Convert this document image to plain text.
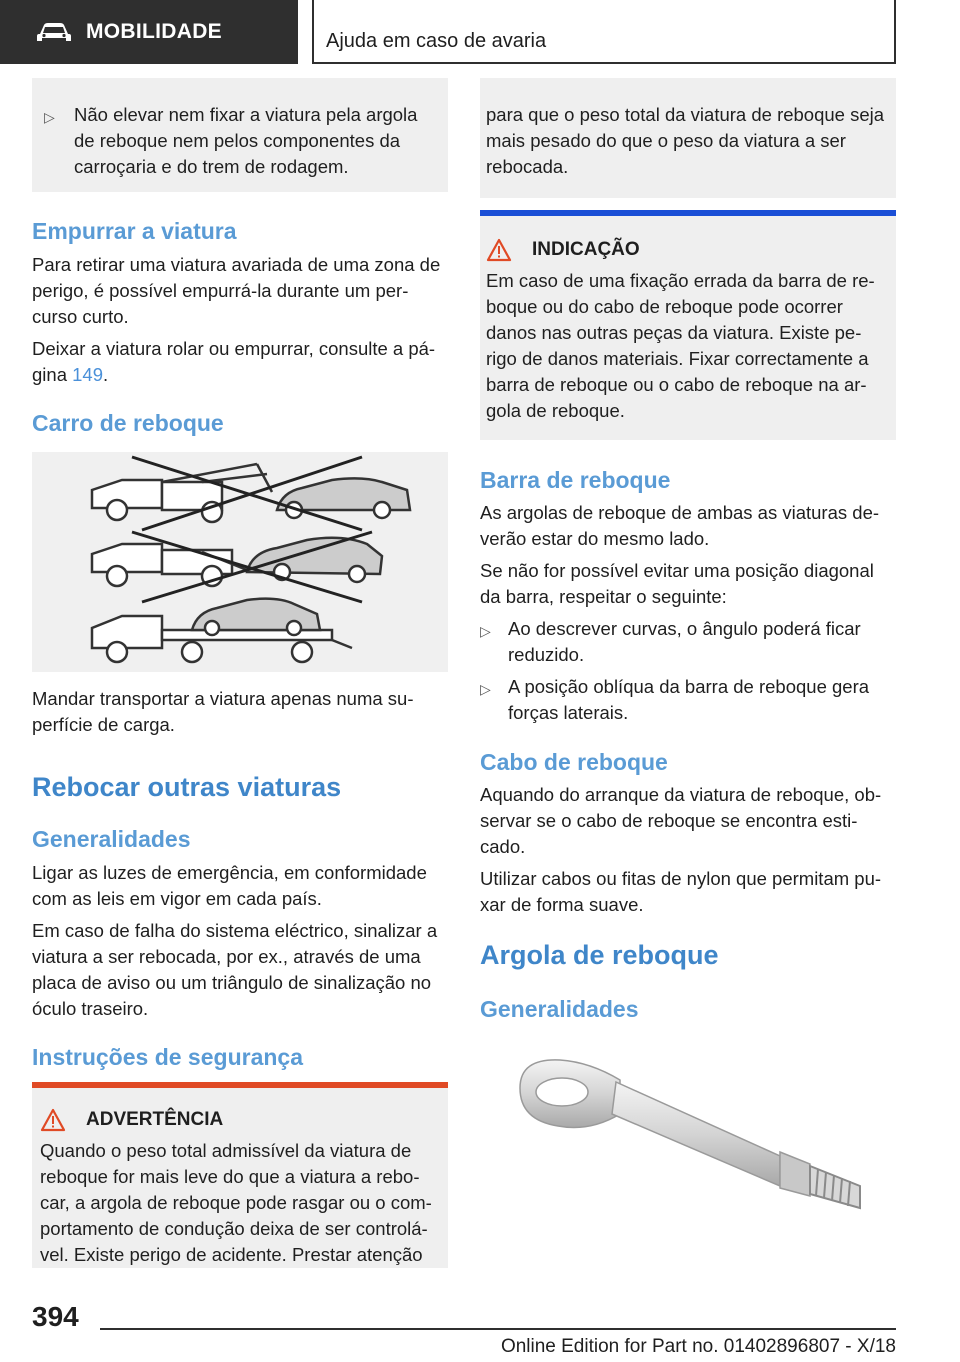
MOBILIDADE	Ajuda em caso de avaria
▷	Não elevar nem fixar a viatura pela argola de reboque nem pelos componentes da carroçaria e do trem de rodagem.
Empurrar a viatura
Para retirar uma viatura avariada de uma zona de perigo, é possível empurrá-la durante um per-curso curto.
Deixar a viatura rolar ou empurrar, consulte a pá-gina 149.
Carro de reboque
Mandar transportar a viatura apenas numa su-perfície de carga.
Rebocar outras viaturas
Generalidades
Ligar as luzes de emergência, em conformidade com as leis em vigor em cada país.
Em caso de falha do sistema eléctrico, sinalizar a viatura a ser rebocada, por ex., através de uma placa de aviso ou um triângulo de sinalização no óculo traseiro.
Instruções de segurança
ADVERTÊNCIA
Quando o peso total admissível da viatura de reboque for mais leve do que a viatura a rebo-car, a argola de reboque pode rasgar ou o com-portamento de condução deixa de ser controlá-vel. Existe perigo de acidente. Prestar atenção
para que o peso total da viatura de reboque seja mais pesado do que o peso da viatura a ser rebocada.
INDICAÇÃO
Em caso de uma fixação errada da barra de re-boque ou do cabo de reboque pode ocorrer danos nas outras peças da viatura. Existe pe-rigo de danos materiais. Fixar correctamente a barra de reboque ou o cabo de reboque na ar-gola de reboque.
Barra de reboque
As argolas de reboque de ambas as viaturas de-verão estar do mesmo lado.
Se não for possível evitar uma posição diagonal da barra, respeitar o seguinte:
▷ Ao descrever curvas, o ângulo poderá ficar reduzido.
▷ A posição oblíqua da barra de reboque gera forças laterais.
Cabo de reboque
Aquando do arranque da viatura de reboque, ob-servar se o cabo de reboque se encontra esti-cado.
Utilizar cabos ou fitas de nylon que permitam pu-xar de forma suave.
Argola de reboque
Generalidades
394
Online Edition for Part no. 01402896807 - X/18
